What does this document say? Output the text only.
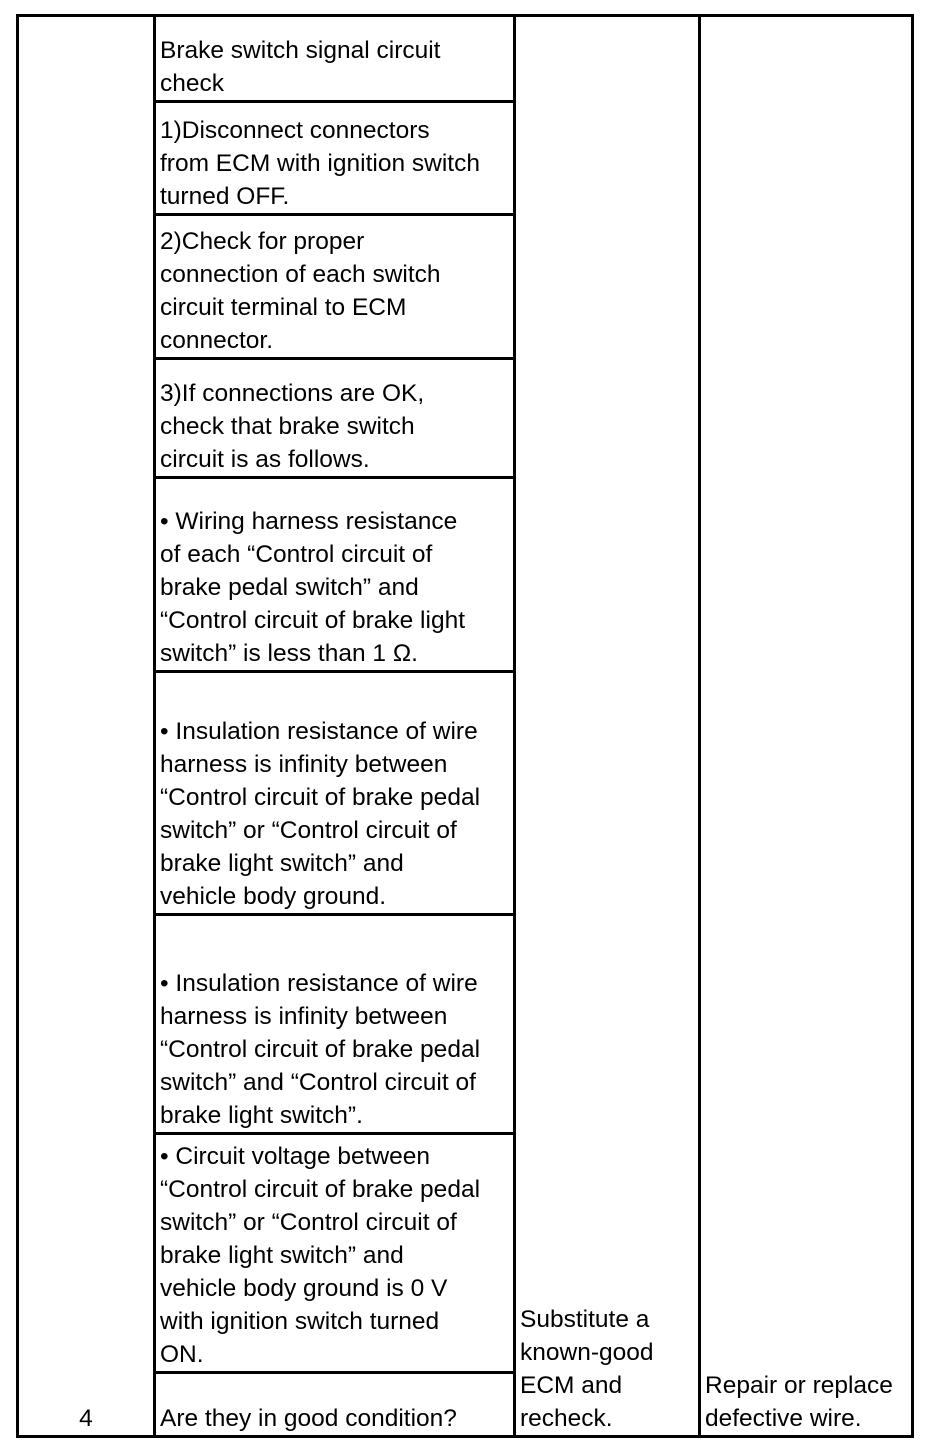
4
Brake switch signal circuit
check
1)Disconnect connectors
from ECM with ignition switch
turned OFF.
2)Check for proper
connection of each switch
circuit terminal to ECM
connector.
3)If connections are OK,
check that brake switch
circuit is as follows.
• Wiring harness resistance
of each “Control circuit of
brake pedal switch” and
“Control circuit of brake light
switch” is less than 1 Ω.
• Insulation resistance of wire
harness is infinity between
“Control circuit of brake pedal
switch” or “Control circuit of
brake light switch” and
vehicle body ground.
• Insulation resistance of wire
harness is infinity between
“Control circuit of brake pedal
switch” and “Control circuit of
brake light switch”.
• Circuit voltage between
“Control circuit of brake pedal
switch” or “Control circuit of
brake light switch” and
vehicle body ground is 0 V
with ignition switch turned
ON.
Are they in good condition?
Substitute a
known-good
ECM and
recheck.
Repair or replace
defective wire.
